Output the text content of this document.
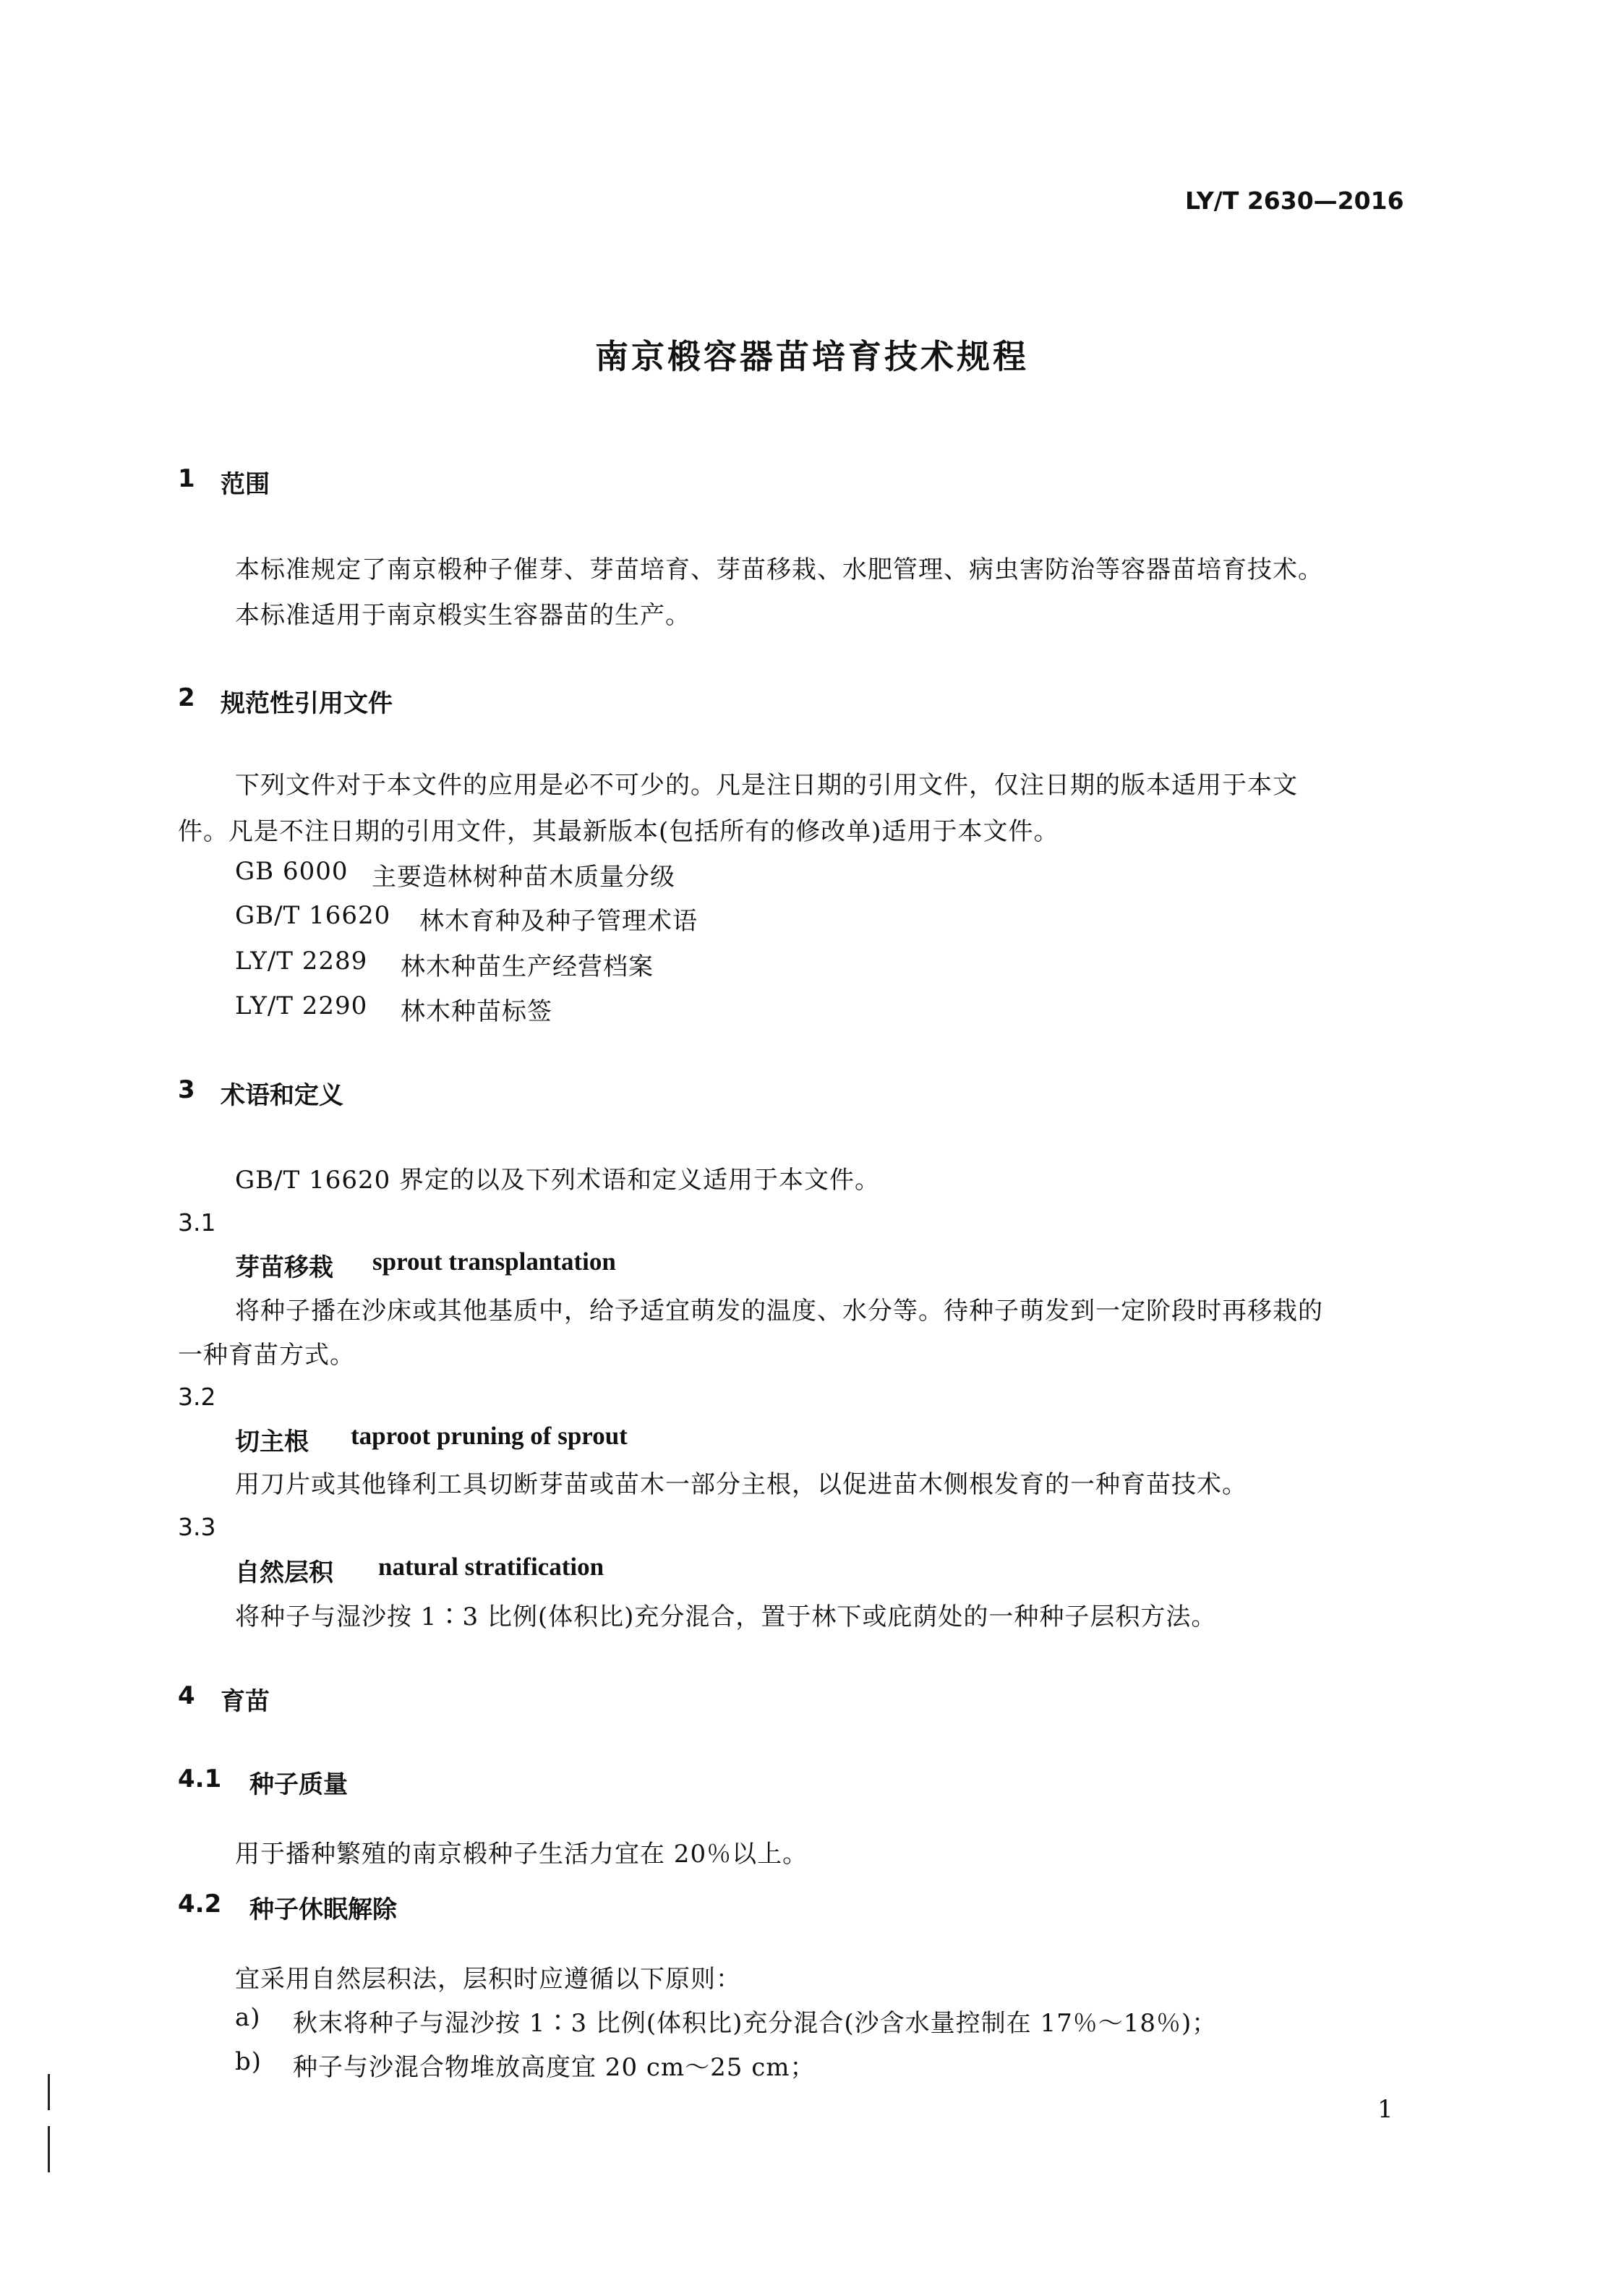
LY/T 2630—2016
南京椴容器苗培育技术规程
1 范围
本标准规定了南京椴种子催芽、芽苗培育、芽苗移栽、水肥管理、病虫害防治等容器苗培育技术。
本标准适用于南京椴实生容器苗的生产。
2 规范性引用文件
下列文件对于本文件的应用是必不可少的。凡是注日期的引用文件，仅注日期的版本适用于本文
件。凡是不注日期的引用文件，其最新版本(包括所有的修改单)适用于本文件。
GB 6000 主要造林树种苗木质量分级
GB/T 16620 林木育种及种子管理术语
LY/T 2289 林木种苗生产经营档案
LY/T 2290 林木种苗标签
3 术语和定义
GB/T 16620 界定的以及下列术语和定义适用于本文件。
3.1
芽苗移栽 sprout transplantation
将种子播在沙床或其他基质中，给予适宜萌发的温度、水分等。待种子萌发到一定阶段时再移栽的
一种育苗方式。
3.2
切主根 taproot pruning of sprout
用刀片或其他锋利工具切断芽苗或苗木一部分主根，以促进苗木侧根发育的一种育苗技术。
3.3
自然层积 natural stratification
将种子与湿沙按 1∶3 比例(体积比)充分混合，置于林下或庇荫处的一种种子层积方法。
4 育苗
4.1 种子质量
用于播种繁殖的南京椴种子生活力宜在 20％以上。
4.2 种子休眠解除
宜采用自然层积法，层积时应遵循以下原则：
a) 秋末将种子与湿沙按 1∶3 比例(体积比)充分混合(沙含水量控制在 17％～18％)；
b) 种子与沙混合物堆放高度宜 20 cm～25 cm；
1
